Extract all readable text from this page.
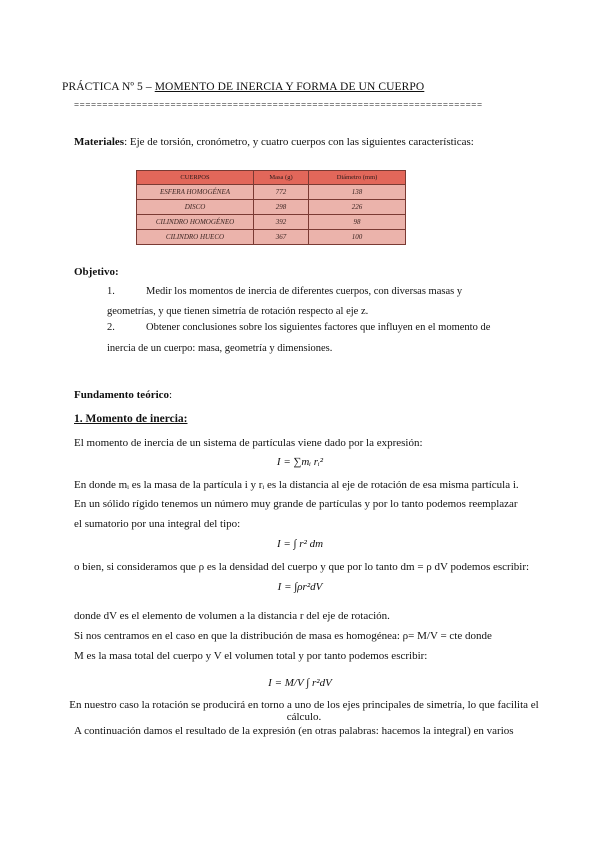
PRÁCTICA Nº 5 – MOMENTO DE INERCIA Y FORMA DE UN CUERPO
========================================================================
Materiales: Eje de torsión, cronómetro, y cuatro cuerpos con las siguientes características:
CUERPOS	Masa (g)	Diámetro (mm)
ESFERA HOMOGÉNEA	772	138
DISCO	298	226
CILINDRO HOMOGÉNEO	392	98
CILINDRO HUECO	367	100
Objetivo:
1.	Medir los momentos de inercia de diferentes cuerpos, con diversas masas y
geometrías, y que tienen simetría de rotación respecto al eje z.
2.	Obtener conclusiones sobre los siguientes factores que influyen en el momento de
inercia de un cuerpo: masa, geometría y dimensiones.
Fundamento teórico:
1. Momento de inercia:
El momento de inercia de un sistema de partículas viene dado por la expresión:
I = ∑mᵢ rᵢ²
En donde mᵢ es la masa de la partícula i y rᵢ es la distancia al eje de rotación de esa misma partícula i.
En un sólido rígido tenemos un número muy grande de partículas y por lo tanto podemos reemplazar
el sumatorio por una integral del tipo:
I = ∫ r² dm
o bien, si consideramos que ρ es la densidad del cuerpo y que por lo tanto dm = ρ dV podemos escribir:
I = ∫ρr²dV
donde dV es el elemento de volumen a la distancia r del eje de rotación.
Si nos centramos en el caso en que la distribución de masa es homogénea: ρ= M/V = cte donde
M es la masa total del cuerpo y V el volumen total y por tanto podemos escribir:
I = M/V ∫ r²dV
En nuestro caso la rotación se producirá en torno a uno de los ejes principales de simetría, lo que facilita el
cálculo.
A continuación damos el resultado de la expresión (en otras palabras: hacemos la integral) en varios
